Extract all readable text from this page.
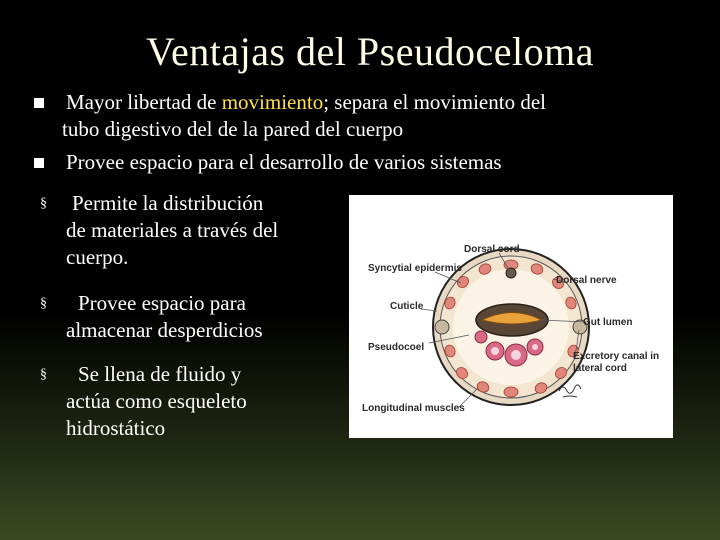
Ventajas del Pseudoceloma
Mayor libertad de movimiento; separa el movimiento del
tubo digestivo del de la pared del cuerpo
Provee espacio para el desarrollo de varios sistemas
§ Permite la distribución
de materiales a través del
cuerpo.
§	Provee espacio para
almacenar desperdicios
§	Se llena de fluido y
actúa como esqueleto
hidrostático
Dorsal cord
Syncytial epidermis
Dorsal nerve
Cuticle
Gut lumen
Pseudocoel
Excretory canal in
lateral cord
Longitudinal muscles
